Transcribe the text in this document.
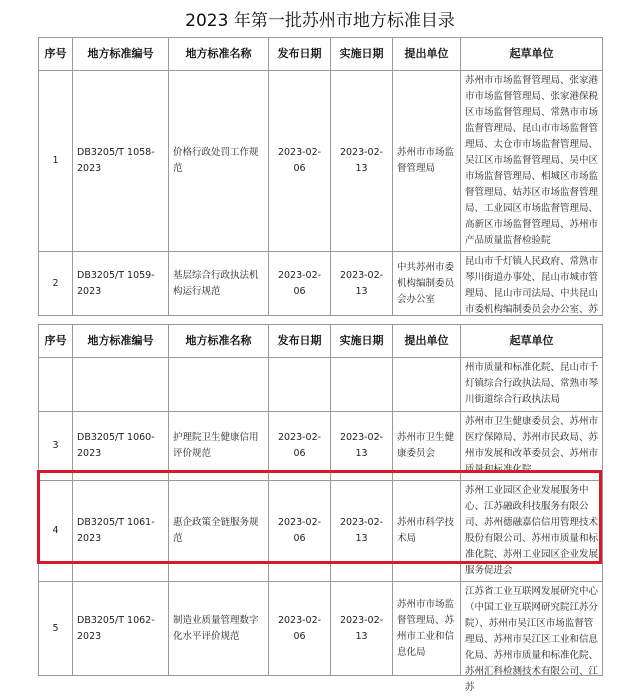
2023 年第一批苏州市地方标准目录
序号	地方标准编号	地方标准名称	发布日期	实施日期	提出单位	起草单位
1	DB3205/T 1058-2023	价格行政处罚工作规范	2023-02-06	2023-02-13	苏州市市场监督管理局	苏州市市场监督管理局、张家港市市场监督管理局、张家港保税区市场监督管理局、常熟市市场监督管理局、昆山市市场监督管理局、太仓市市场监督管理局、吴江区市场监督管理局、吴中区市场监督管理局、相城区市场监督管理局、姑苏区市场监督管理局、工业园区市场监督管理局、高新区市场监督管理局、苏州市产品质量监督检验院
2	DB3205/T 1059-2023	基层综合行政执法机构运行规范	2023-02-06	2023-02-13	中共苏州市委机构编制委员会办公室	昆山市千灯镇人民政府、常熟市琴川街道办事处、昆山市城市管理局、昆山市司法局、中共昆山市委机构编制委员会办公室、苏
序号	地方标准编号	地方标准名称	发布日期	实施日期	提出单位	起草单位
						州市质量和标准化院、昆山市千灯镇综合行政执法局、常熟市琴川街道综合行政执法局
3	DB3205/T 1060-2023	护理院卫生健康信用评价规范	2023-02-06	2023-02-13	苏州市卫生健康委员会	苏州市卫生健康委员会、苏州市医疗保障局、苏州市民政局、苏州市发展和改革委员会、苏州市质量和标准化院
4	DB3205/T 1061-2023	惠企政策全链服务规范	2023-02-06	2023-02-13	苏州市科学技术局	苏州工业园区企业发展服务中心、江苏融政科技服务有限公司、苏州德融嘉信信用管理技术股份有限公司、苏州市质量和标准化院、苏州工业园区企业发展服务促进会
5	DB3205/T 1062-2023	制造业质量管理数字化水平评价规范	2023-02-06	2023-02-13	苏州市市场监督管理局、苏州市工业和信息化局	江苏省工业互联网发展研究中心（中国工业互联网研究院江苏分院）、苏州市吴江区市场监督管理局、苏州市吴江区工业和信息化局、苏州市质量和标准化院、苏州汇科检测技术有限公司、江苏
